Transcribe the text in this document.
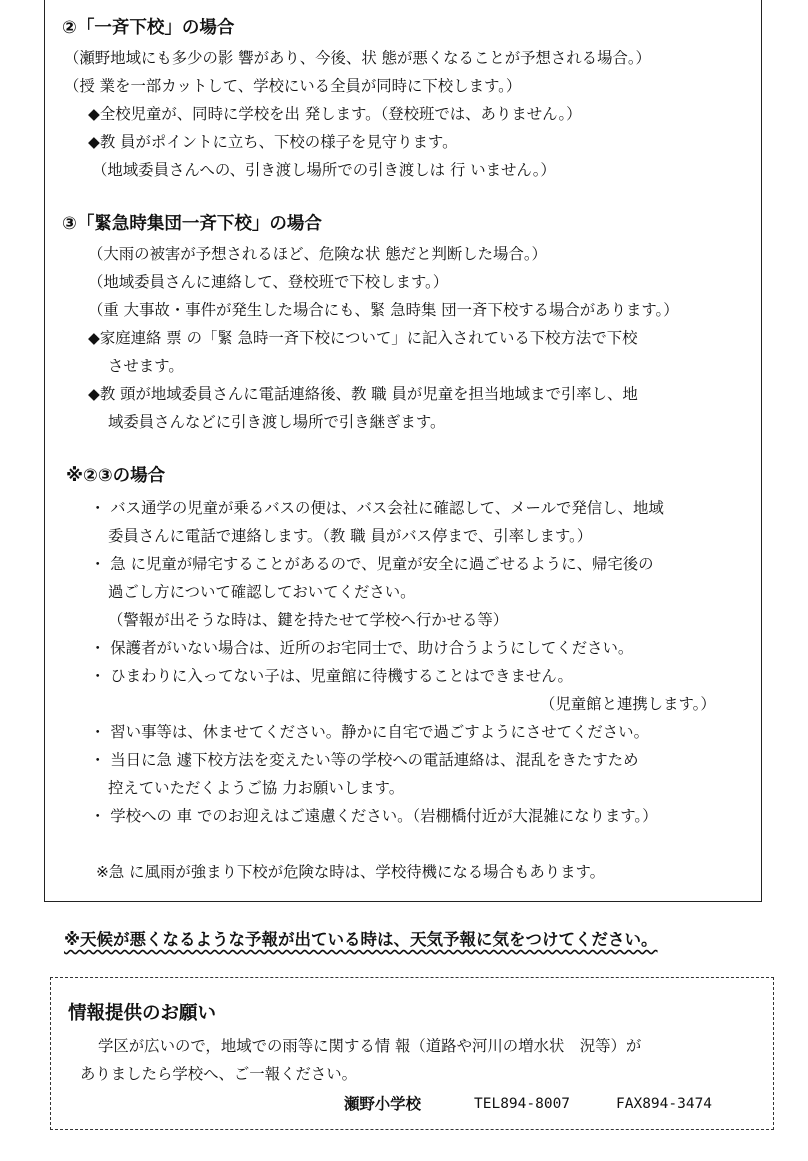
②「一斉下校」の場合
（瀬野地域にも多少の影 響があり、今後、状 態が悪くなることが予想される場合。）
（授 業を一部カットして、学校にいる全員が同時に下校します。）
◆全校児童が、同時に学校を出 発します。（登校班では、ありません。）
◆教 員がポイントに立ち、下校の様子を見守ります。
（地域委員さんへの、引き渡し場所での引き渡しは 行 いません。）
③「緊急時集団一斉下校」の場合
（大雨の被害が予想されるほど、危険な状 態だと判断した場合。）
（地域委員さんに連絡して、登校班で下校します。）
（重 大事故・事件が発生した場合にも、緊 急時集 団一斉下校する場合があります。）
◆家庭連絡 票 の「緊 急時一斉下校について」に記入されている下校方法で下校
させます。
◆教 頭が地域委員さんに電話連絡後、教 職 員が児童を担当地域まで引率し、地
域委員さんなどに引き渡し場所で引き継ぎます。
※②③の場合
・ バス通学の児童が乗るバスの便は、バス会社に確認して、メールで発信し、地域
委員さんに電話で連絡します。（教 職 員がバス停まで、引率します。）
・ 急 に児童が帰宅することがあるので、児童が安全に過ごせるように、帰宅後の
過ごし方について確認しておいてください。
（警報が出そうな時は、鍵を持たせて学校へ行かせる等）
・ 保護者がいない場合は、近所のお宅同士で、助け合うようにしてください。
・ ひまわりに入ってない子は、児童館に待機することはできません。
（児童館と連携します。）
・ 習い事等は、休ませてください。静かに自宅で過ごすようにさせてください。
・ 当日に急 遽下校方法を変えたい等の学校への電話連絡は、混乱をきたすため
控えていただくようご協 力お願いします。
・ 学校への 車 でのお迎えはご遠慮ください。（岩棚橋付近が大混雑になります。）
※急 に風雨が強まり下校が危険な時は、学校待機になる場合もあります。
※天候が悪くなるような予報が出ている時は、天気予報に気をつけてください。
情報提供のお願い
学区が広いので，地域での雨等に関する情 報（道路や河川の増水状　況等）が
ありましたら学校へ、ご一報ください。
瀬野小学校	TEL894-8007	FAX894-3474
